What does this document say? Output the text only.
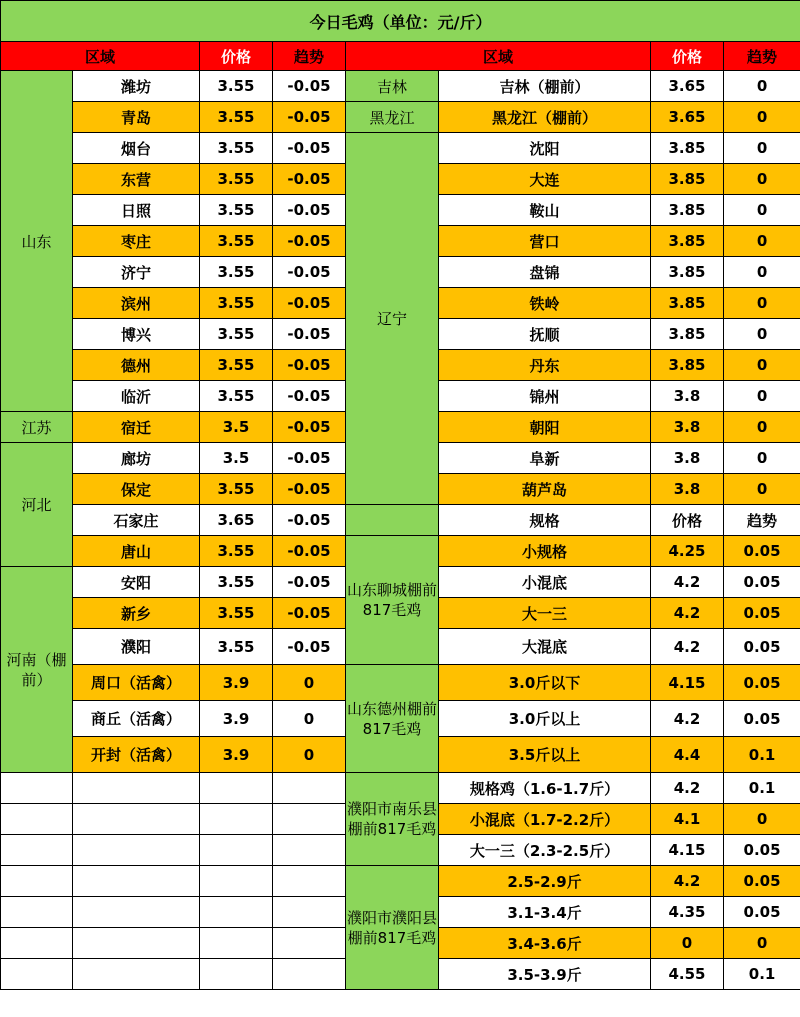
今日毛鸡（单位：元/斤）							
区域		价格	趋势	区域		价格	趋势
山东	潍坊	3.55	-0.05	吉林	吉林（棚前）	3.65	0
	青岛	3.55	-0.05	黑龙江	黑龙江（棚前）	3.65	0
	烟台	3.55	-0.05	辽宁	沈阳	3.85	0
	东营	3.55	-0.05		大连	3.85	0
	日照	3.55	-0.05		鞍山	3.85	0
	枣庄	3.55	-0.05		营口	3.85	0
	济宁	3.55	-0.05		盘锦	3.85	0
	滨州	3.55	-0.05		铁岭	3.85	0
	博兴	3.55	-0.05		抚顺	3.85	0
	德州	3.55	-0.05		丹东	3.85	0
	临沂	3.55	-0.05		锦州	3.8	0
江苏	宿迁	3.5	-0.05		朝阳	3.8	0
河北	廊坊	3.5	-0.05		阜新	3.8	0
	保定	3.55	-0.05		葫芦岛	3.8	0
	石家庄	3.65	-0.05		规格	价格	趋势
	唐山	3.55	-0.05	山东聊城棚前817毛鸡	小规格	4.25	0.05
河南（棚前）	安阳	3.55	-0.05		小混底	4.2	0.05
	新乡	3.55	-0.05		大一三	4.2	0.05
	濮阳	3.55	-0.05		大混底	4.2	0.05
	周口（活禽）	3.9	0	山东德州棚前817毛鸡	3.0斤以下	4.15	0.05
	商丘（活禽）	3.9	0		3.0斤以上	4.2	0.05
	开封（活禽）	3.9	0		3.5斤以上	4.4	0.1
				濮阳市南乐县棚前817毛鸡	规格鸡（1.6-1.7斤）	4.2	0.1
					小混底（1.7-2.2斤）	4.1	0
					大一三（2.3-2.5斤）	4.15	0.05
				濮阳市濮阳县棚前817毛鸡	2.5-2.9斤	4.2	0.05
					3.1-3.4斤	4.35	0.05
					3.4-3.6斤	0	0
					3.5-3.9斤	4.55	0.1
